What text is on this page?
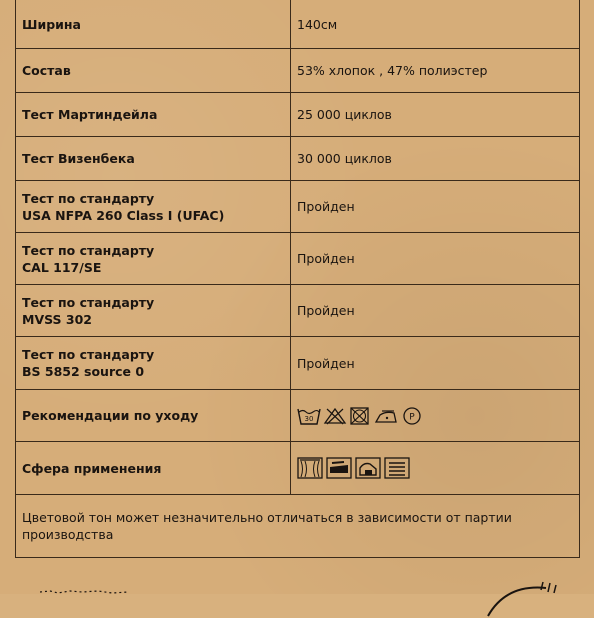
Ширина	140см
Состав	53% хлопок , 47% полиэстер
Тест Мартиндейла	25 000 циклов
Тест Визенбека	30 000 циклов

Тест по стандарту
USA NFPA 260 Class I (UFAC)	Пройден

Тест по стандарту
CAL 117/SE	Пройден

Тест по стандарту
MVSS 302	Пройден

Тест по стандарту
BS 5852 source 0	Пройден
Рекомендации по уходу	30 P

Сфера применения	

Цветовой тон может незначительно отличаться в зависимости от партии производства	
